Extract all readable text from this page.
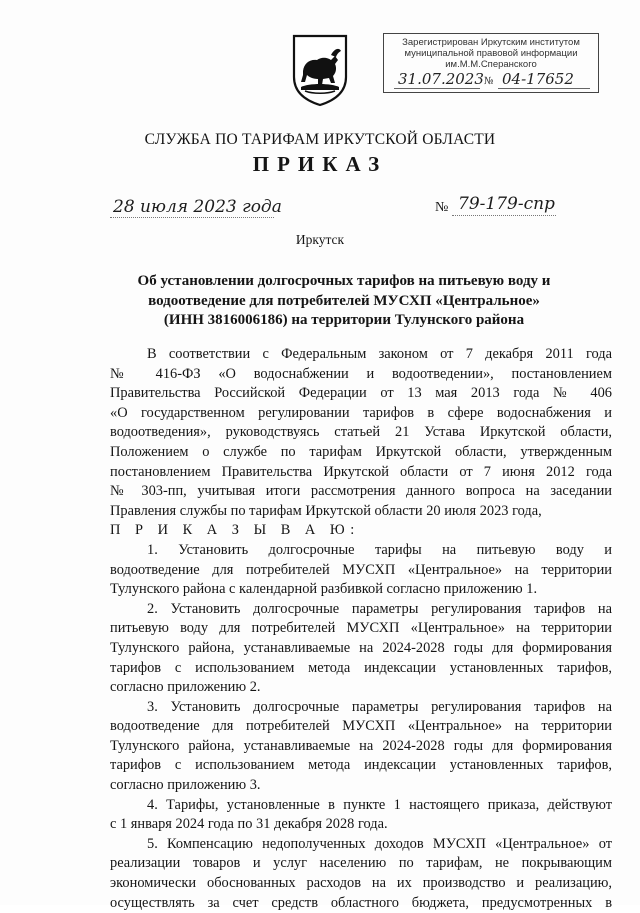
Зарегистрирован Иркутским институтом
муниципальной правовой информации
им.М.М.Сперанского
31.07.2023 № 04-17652
СЛУЖБА ПО ТАРИФАМ ИРКУТСКОЙ ОБЛАСТИ
ПРИКАЗ
28 июля 2023 года	№ 79-179-спр
Иркутск
Об установлении долгосрочных тарифов на питьевую воду и
водоотведение для потребителей МУСХП «Центральное»
(ИНН 3816006186) на территории Тулунского района
В соответствии с Федеральным законом от 7 декабря 2011 года
№ 416-ФЗ «О водоснабжении и водоотведении», постановлением
Правительства Российской Федерации от 13 мая 2013 года № 406
«О государственном регулировании тарифов в сфере водоснабжения и
водоотведения», руководствуясь статьей 21 Устава Иркутской области,
Положением о службе по тарифам Иркутской области, утвержденным
постановлением Правительства Иркутской области от 7 июня 2012 года
№ 303-пп, учитывая итоги рассмотрения данного вопроса на заседании
Правления службы по тарифам Иркутской области 20 июля 2023 года,
П Р И К А З Ы В А Ю:
1. Установить долгосрочные тарифы на питьевую воду и
водоотведение для потребителей МУСХП «Центральное» на территории
Тулунского района с календарной разбивкой согласно приложению 1.
2. Установить долгосрочные параметры регулирования тарифов на
питьевую воду для потребителей МУСХП «Центральное» на территории
Тулунского района, устанавливаемые на 2024-2028 годы для формирования
тарифов с использованием метода индексации установленных тарифов,
согласно приложению 2.
3. Установить долгосрочные параметры регулирования тарифов на
водоотведение для потребителей МУСХП «Центральное» на территории
Тулунского района, устанавливаемые на 2024-2028 годы для формирования
тарифов с использованием метода индексации установленных тарифов,
согласно приложению 3.
4. Тарифы, установленные в пункте 1 настоящего приказа, действуют
с 1 января 2024 года по 31 декабря 2028 года.
5. Компенсацию недополученных доходов МУСХП «Центральное» от
реализации товаров и услуг населению по тарифам, не покрывающим
экономически обоснованных расходов на их производство и реализацию,
осуществлять за счет средств областного бюджета, предусмотренных в
